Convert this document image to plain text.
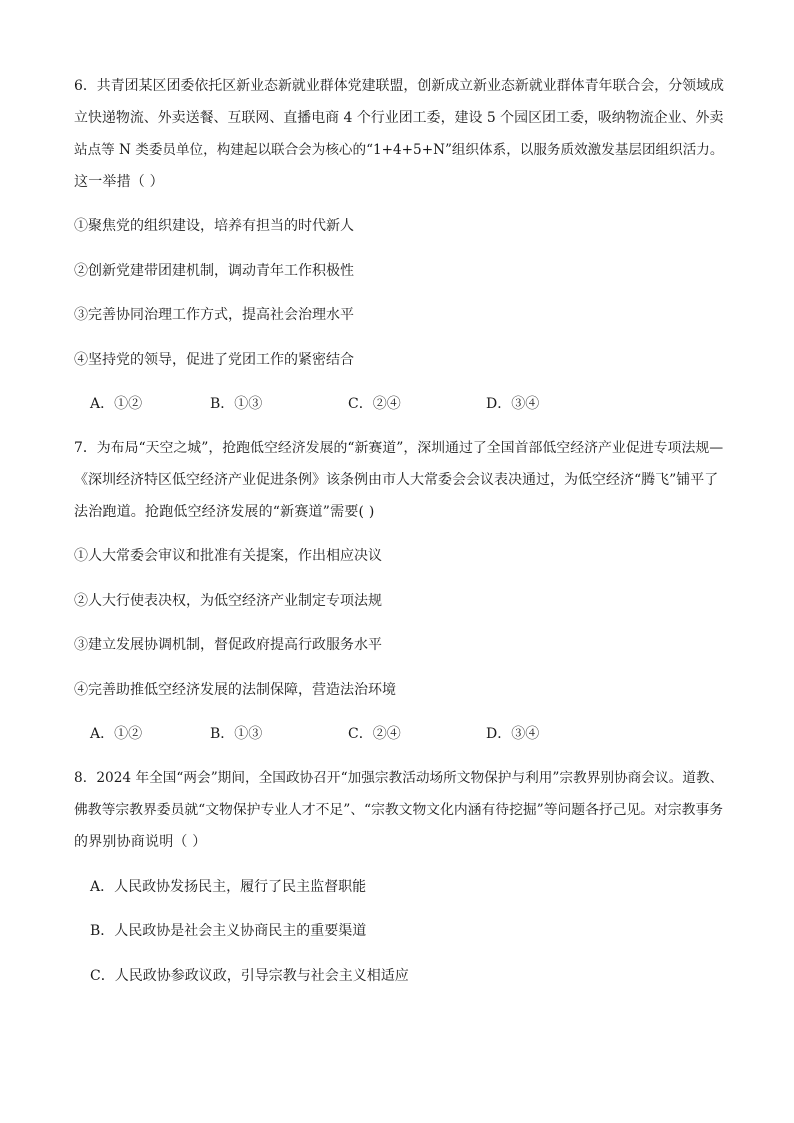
6．共青团某区团委依托区新业态新就业群体党建联盟，创新成立新业态新就业群体青年联合会，分领域成
立快递物流、外卖送餐、互联网、直播电商 4 个行业团工委，建设 5 个园区团工委，吸纳物流企业、外卖
站点等 N 类委员单位，构建起以联合会为核心的“1+4+5+N”组织体系，以服务质效激发基层团组织活力。
这一举措（ ）
①聚焦党的组织建设，培养有担当的时代新人
②创新党建带团建机制，调动青年工作积极性
③完善协同治理工作方式，提高社会治理水平
④坚持党的领导，促进了党团工作的紧密结合
A．①②	B．①③	C．②④	D．③④
7．为布局“天空之城”，抢跑低空经济发展的“新赛道”，深圳通过了全国首部低空经济产业促进专项法规—
《深圳经济特区低空经济产业促进条例》该条例由市人大常委会会议表决通过，为低空经济“腾飞”铺平了
法治跑道。抢跑低空经济发展的“新赛道”需要( )
①人大常委会审议和批准有关提案，作出相应决议
②人大行使表决权，为低空经济产业制定专项法规
③建立发展协调机制，督促政府提高行政服务水平
④完善助推低空经济发展的法制保障，营造法治环境
A．①②	B．①③	C．②④	D．③④
8．2024 年全国“两会”期间，全国政协召开“加强宗教活动场所文物保护与利用”宗教界别协商会议。道教、
佛教等宗教界委员就“文物保护专业人才不足”、“宗教文物文化内涵有待挖掘”等问题各抒己见。对宗教事务
的界别协商说明（ ）
A．人民政协发扬民主，履行了民主监督职能
B．人民政协是社会主义协商民主的重要渠道
C．人民政协参政议政，引导宗教与社会主义相适应
